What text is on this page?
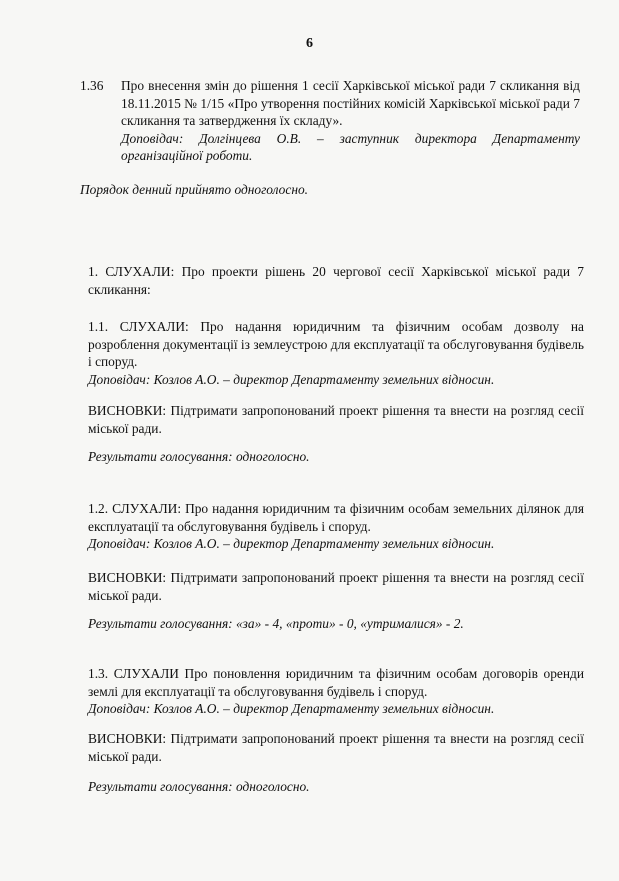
6
1.36	Про внесення змін до рішення 1 сесії Харківської міської ради 7 скликання від 18.11.2015 № 1/15 «Про утворення постійних комісій Харківської міської ради 7 скликання та затвердження їх складу».

Доповідач: Долгінцева О.В. – заступник директора Департаменту організаційної роботи.

Порядок денний прийнято одноголосно.

1. СЛУХАЛИ: Про проекти рішень 20 чергової сесії Харківської міської ради 7 скликання:

1.1. СЛУХАЛИ: Про надання юридичним та фізичним особам дозволу на розроблення документації із землеустрою для експлуатації та обслуговування будівель і споруд.

Доповідач: Козлов А.О. – директор Департаменту земельних відносин.

ВИСНОВКИ: Підтримати запропонований проект рішення та внести на розгляд сесії міської ради.

Результати голосування: одноголосно.

1.2. СЛУХАЛИ: Про надання юридичним та фізичним особам земельних ділянок для експлуатації та обслуговування будівель і споруд.

Доповідач: Козлов А.О. – директор Департаменту земельних відносин.

ВИСНОВКИ: Підтримати запропонований проект рішення та внести на розгляд сесії міської ради.

Результати голосування: «за» - 4, «проти» - 0, «утрималися» - 2.

1.3. СЛУХАЛИ Про поновлення юридичним та фізичним особам договорів оренди землі для експлуатації та обслуговування будівель і споруд.

Доповідач: Козлов А.О. – директор Департаменту земельних відносин.

ВИСНОВКИ: Підтримати запропонований проект рішення та внести на розгляд сесії міської ради.

Результати голосування: одноголосно.
